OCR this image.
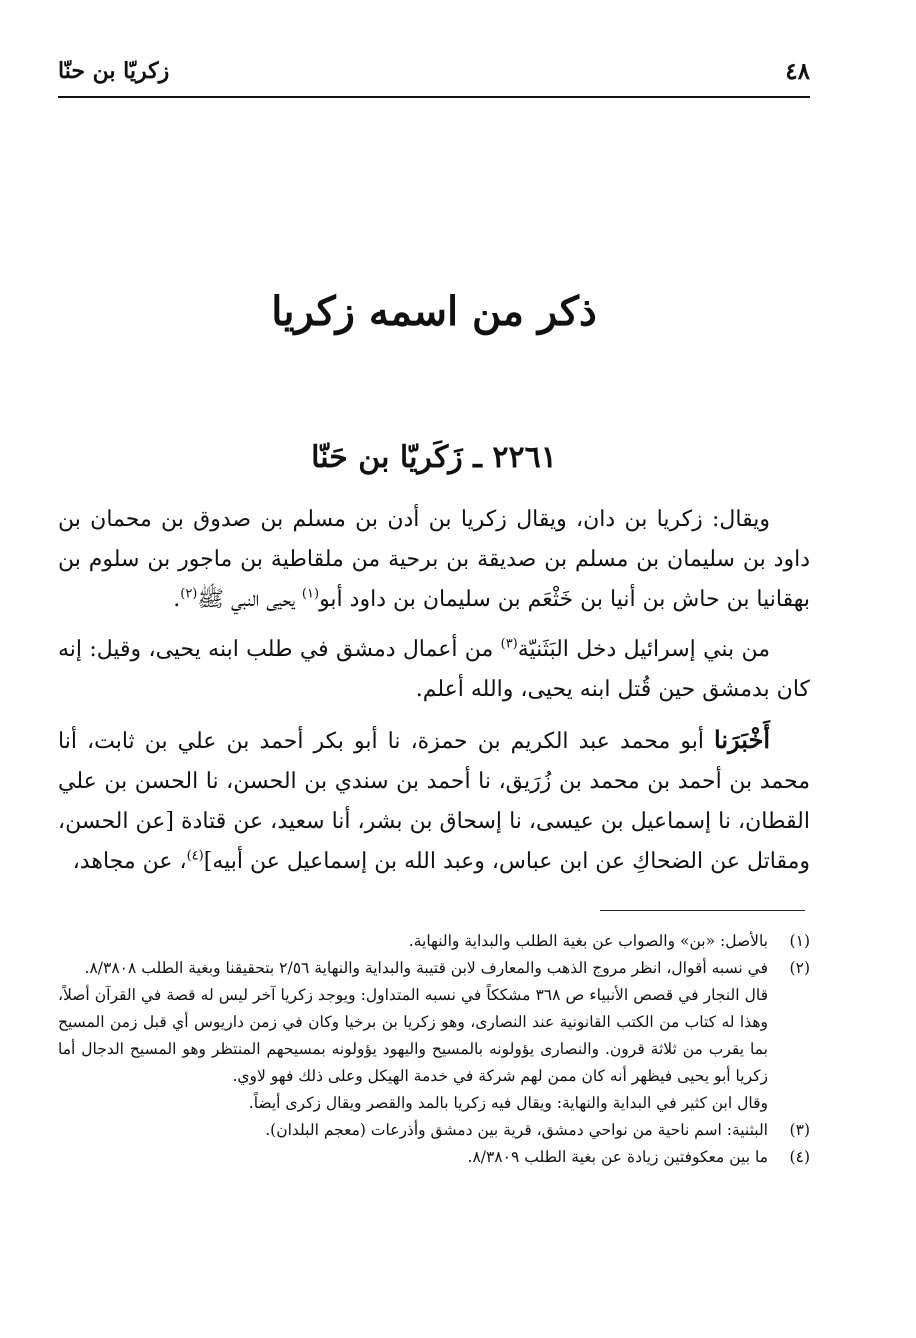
٤٨
زكريّا بن حنّا
ذكر من اسمه زكريا
٢٢٦١ ـ زَكَريّا بن حَنّا

ويقال: زكريا بن دان، ويقال زكريا بن أدن بن مسلم بن صدوق بن محمان بن داود بن سليمان بن مسلم بن صديقة بن برحية من ملقاطية بن ماجور بن سلوم بن بهقانيا بن حاش بن أنيا بن خَثْعَم بن سليمان بن داود أبو$^{(١)}$ يحيى النبي ﷺ$^{(٢)}$.

من بني إسرائيل دخل البَثَنيّة$^{(٣)}$ من أعمال دمشق في طلب ابنه يحيى، وقيل: إنه كان بدمشق حين قُتل ابنه يحيى، والله أعلم.

أَخْبَرَنا أبو محمد عبد الكريم بن حمزة، نا أبو بكر أحمد بن علي بن ثابت، أنا محمد بن أحمد بن محمد بن زُرَيق، نا أحمد بن سندي بن الحسن، نا الحسن بن علي القطان، نا إسماعيل بن عيسى، نا إسحاق بن بشر، أنا سعيد، عن قتادة [عن الحسن، ومقاتل عن الضحاكِ عن ابن عباس، وعبد الله بن إسماعيل عن أبيه]$^{(٤)}$، عن مجاهد،

(١)
بالأصل: «بن» والصواب عن بغية الطلب والبداية والنهاية.
(٢)
في نسبه أقوال، انظر مروج الذهب والمعارف لابن قتيبة والبداية والنهاية ٢/٥٦ بتحقيقنا وبغية الطلب ٨/٣٨٠٨.
قال النجار في قصص الأنبياء ص ٣٦٨ مشككاً في نسبه المتداول: ويوجد زكريا آخر ليس له قصة في القرآن أصلاً، وهذا له كتاب من الكتب القانونية عند النصارى، وهو زكريا بن برخيا وكان في زمن داريوس أي قبل زمن المسيح بما يقرب من ثلاثة قرون. والنصارى يؤولونه بالمسيح واليهود يؤولونه بمسيحهم المنتظر وهو المسيح الدجال أما زكريا أبو يحيى فيظهر أنه كان ممن لهم شركة في خدمة الهيكل وعلى ذلك فهو لاوي.
وقال ابن كثير في البداية والنهاية: ويقال فيه زكريا بالمد والقصر ويقال زكرى أيضاً.
(٣)
البثنية: اسم ناحية من نواحي دمشق، قرية بين دمشق وأذرعات (معجم البلدان).
(٤)
ما بين معكوفتين زيادة عن بغية الطلب ٨/٣٨٠٩.
